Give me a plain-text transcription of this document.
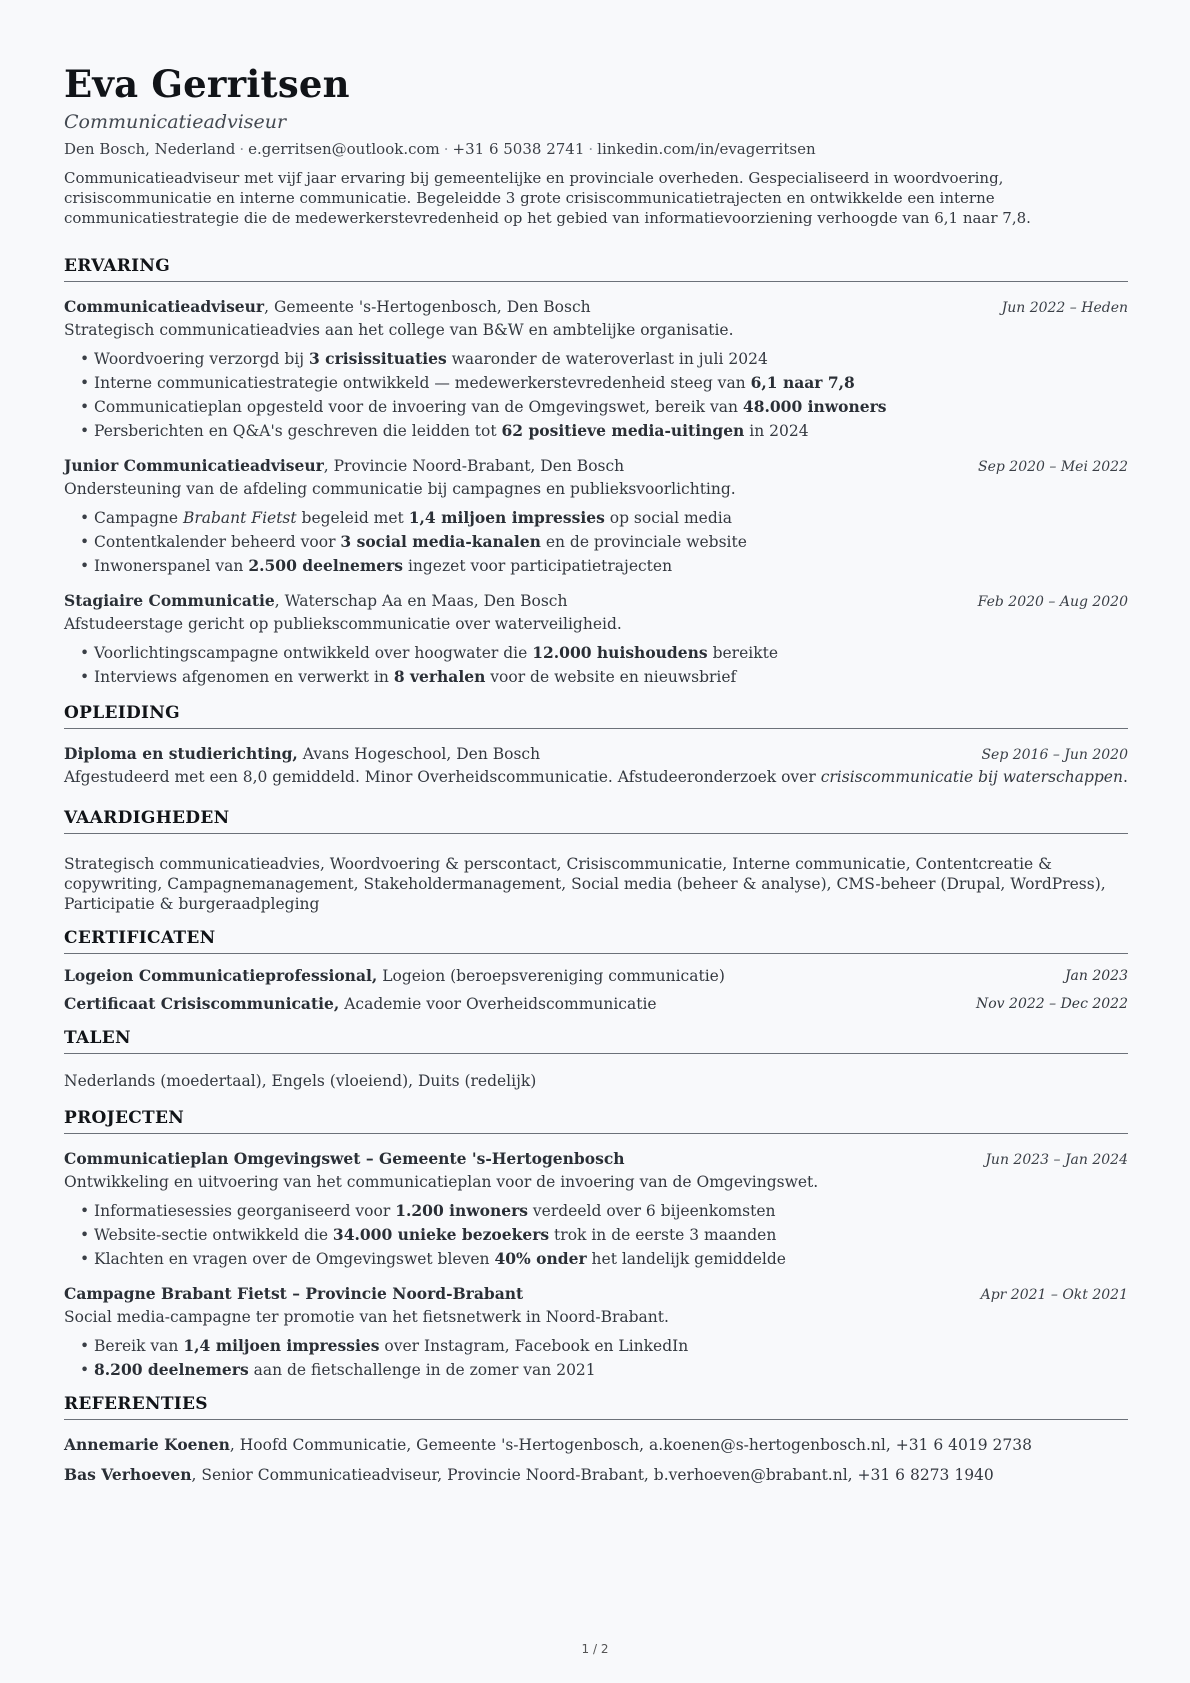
Eva Gerritsen
Communicatieadviseur
Den Bosch, Nederland · e.gerritsen@outlook.com · +31 6 5038 2741 · linkedin.com/in/evagerritsen
Communicatieadviseur met vijf jaar ervaring bij gemeentelijke en provinciale overheden. Gespecialiseerd in woordvoering, crisiscommunicatie en interne communicatie. Begeleidde 3 grote crisiscommunicatietrajecten en ontwikkelde een interne communicatiestrategie die de medewerkerstevredenheid op het gebied van informatievoorziening verhoogde van 6,1 naar 7,8.
ERVARING
Communicatieadviseur, Gemeente 's-Hertogenbosch, Den Bosch	Jun 2022 – Heden
Strategisch communicatieadvies aan het college van B&W en ambtelijke organisatie.
• Woordvoering verzorgd bij 3 crisissituaties waaronder de wateroverlast in juli 2024
• Interne communicatiestrategie ontwikkeld — medewerkerstevredenheid steeg van 6,1 naar 7,8
• Communicatieplan opgesteld voor de invoering van de Omgevingswet, bereik van 48.000 inwoners
• Persberichten en Q&A's geschreven die leidden tot 62 positieve media-uitingen in 2024
Junior Communicatieadviseur, Provincie Noord-Brabant, Den Bosch	Sep 2020 – Mei 2022
Ondersteuning van de afdeling communicatie bij campagnes en publieksvoorlichting.
• Campagne Brabant Fietst begeleid met 1,4 miljoen impressies op social media
• Contentkalender beheerd voor 3 social media-kanalen en de provinciale website
• Inwonerspanel van 2.500 deelnemers ingezet voor participatietrajecten
Stagiaire Communicatie, Waterschap Aa en Maas, Den Bosch	Feb 2020 – Aug 2020
Afstudeerstage gericht op publiekscommunicatie over waterveiligheid.
• Voorlichtingscampagne ontwikkeld over hoogwater die 12.000 huishoudens bereikte
• Interviews afgenomen en verwerkt in 8 verhalen voor de website en nieuwsbrief
OPLEIDING
Diploma en studierichting, Avans Hogeschool, Den Bosch	Sep 2016 – Jun 2020
Afgestudeerd met een 8,0 gemiddeld. Minor Overheidscommunicatie. Afstudeeronderzoek over crisiscommunicatie bij waterschappen.
VAARDIGHEDEN
Strategisch communicatieadvies, Woordvoering & perscontact, Crisiscommunicatie, Interne communicatie, Contentcreatie & copywriting, Campagnemanagement, Stakeholdermanagement, Social media (beheer & analyse), CMS-beheer (Drupal, WordPress), Participatie & burgeraadpleging
CERTIFICATEN
Logeion Communicatieprofessional, Logeion (beroepsvereniging communicatie)	Jan 2023
Certificaat Crisiscommunicatie, Academie voor Overheidscommunicatie	Nov 2022 – Dec 2022
TALEN
Nederlands (moedertaal), Engels (vloeiend), Duits (redelijk)
PROJECTEN
Communicatieplan Omgevingswet – Gemeente 's-Hertogenbosch	Jun 2023 – Jan 2024
Ontwikkeling en uitvoering van het communicatieplan voor de invoering van de Omgevingswet.
• Informatiesessies georganiseerd voor 1.200 inwoners verdeeld over 6 bijeenkomsten
• Website-sectie ontwikkeld die 34.000 unieke bezoekers trok in de eerste 3 maanden
• Klachten en vragen over de Omgevingswet bleven 40% onder het landelijk gemiddelde
Campagne Brabant Fietst – Provincie Noord-Brabant	Apr 2021 – Okt 2021
Social media-campagne ter promotie van het fietsnetwerk in Noord-Brabant.
• Bereik van 1,4 miljoen impressies over Instagram, Facebook en LinkedIn
• 8.200 deelnemers aan de fietschallenge in de zomer van 2021
REFERENTIES
Annemarie Koenen, Hoofd Communicatie, Gemeente 's-Hertogenbosch, a.koenen@s-hertogenbosch.nl, +31 6 4019 2738
Bas Verhoeven, Senior Communicatieadviseur, Provincie Noord-Brabant, b.verhoeven@brabant.nl, +31 6 8273 1940
1 / 2
